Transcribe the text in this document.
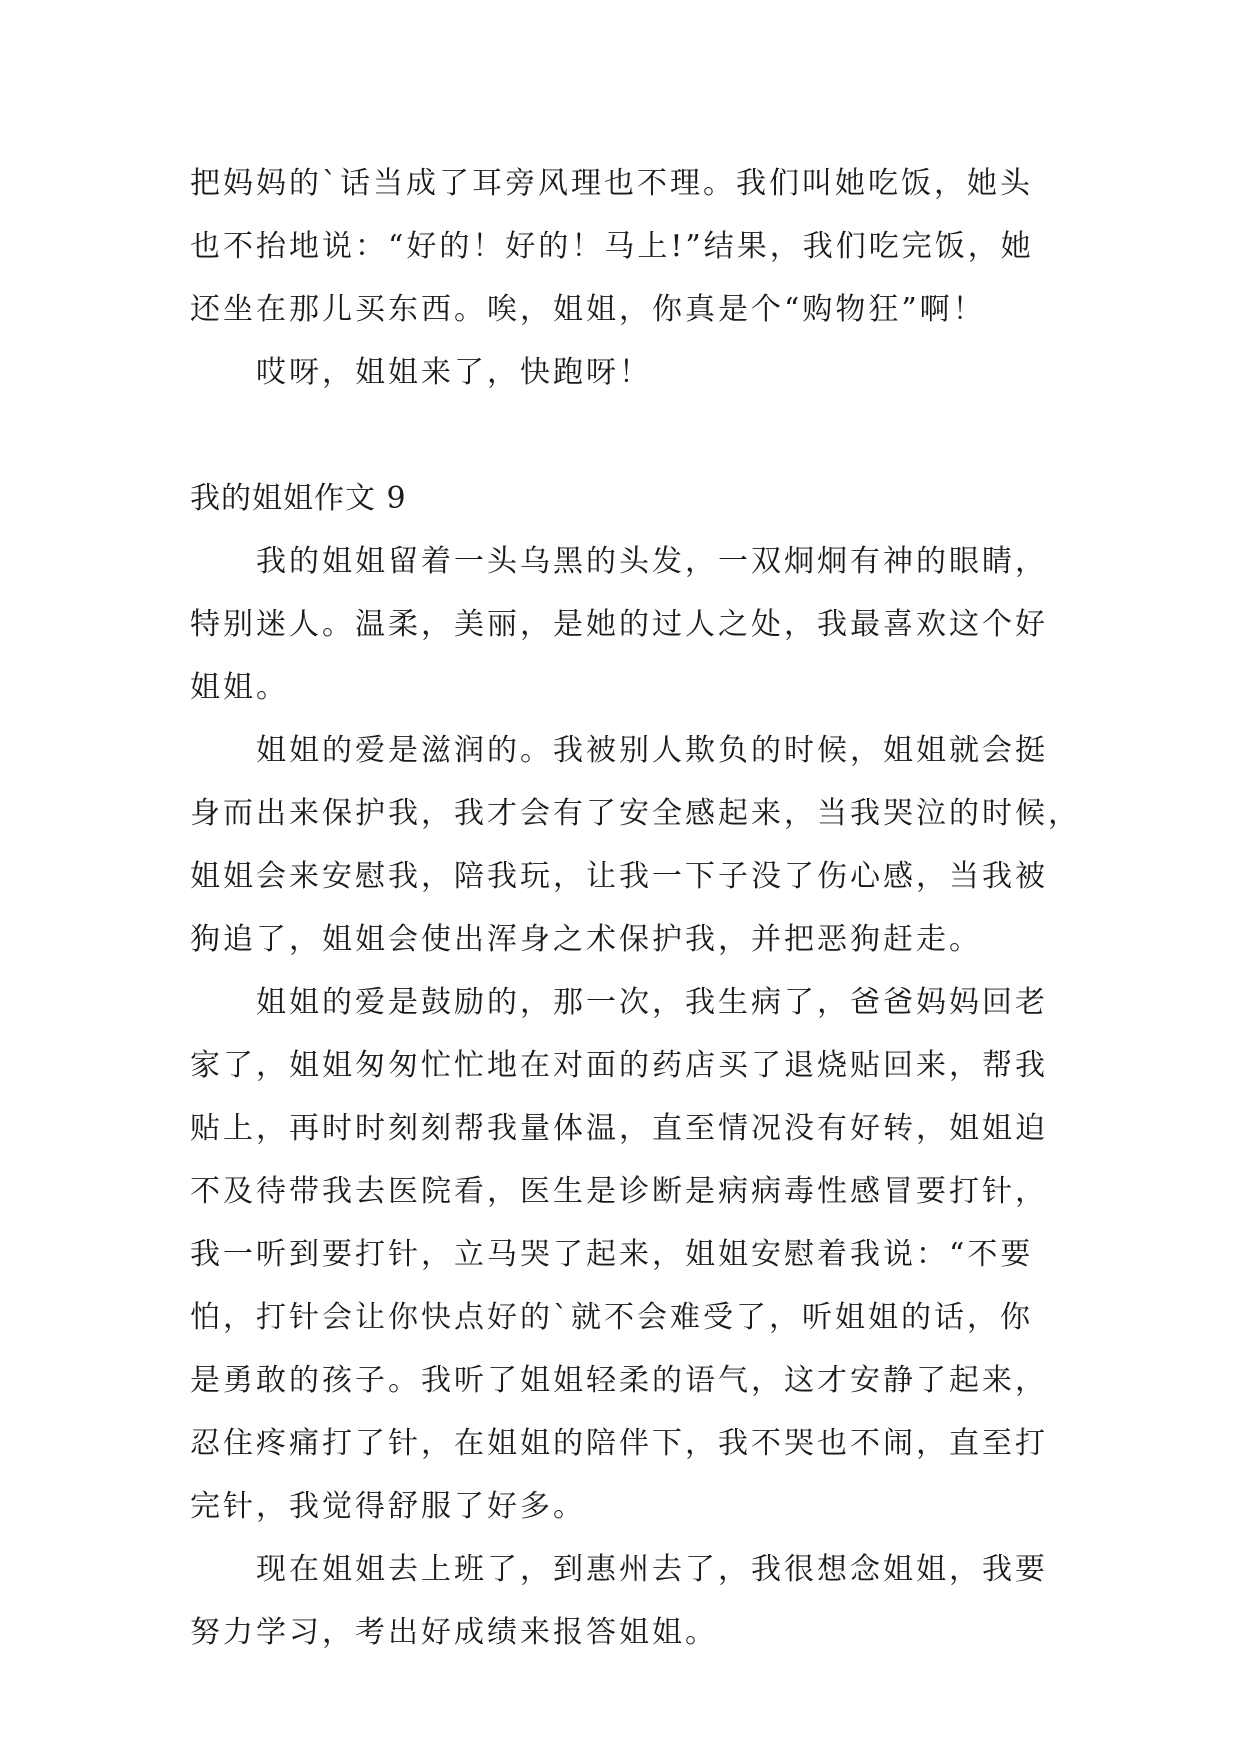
把妈妈的`话当成了耳旁风理也不理。我们叫她吃饭，她头
也不抬地说：“好的！好的！马上!”结果，我们吃完饭，她
还坐在那儿买东西。唉，姐姐，你真是个“购物狂”啊！
哎呀，姐姐来了，快跑呀！
我的姐姐作文 9
我的姐姐留着一头乌黑的头发，一双炯炯有神的眼睛，
特别迷人。温柔，美丽，是她的过人之处，我最喜欢这个好
姐姐。
姐姐的爱是滋润的。我被别人欺负的时候，姐姐就会挺
身而出来保护我，我才会有了安全感起来，当我哭泣的时候，
姐姐会来安慰我，陪我玩，让我一下子没了伤心感，当我被
狗追了，姐姐会使出浑身之术保护我，并把恶狗赶走。
姐姐的爱是鼓励的，那一次，我生病了，爸爸妈妈回老
家了，姐姐匆匆忙忙地在对面的药店买了退烧贴回来，帮我
贴上，再时时刻刻帮我量体温，直至情况没有好转，姐姐迫
不及待带我去医院看，医生是诊断是病病毒性感冒要打针，
我一听到要打针，立马哭了起来，姐姐安慰着我说：“不要
怕，打针会让你快点好的`就不会难受了，听姐姐的话，你
是勇敢的孩子。我听了姐姐轻柔的语气，这才安静了起来，
忍住疼痛打了针，在姐姐的陪伴下，我不哭也不闹，直至打
完针，我觉得舒服了好多。
现在姐姐去上班了，到惠州去了，我很想念姐姐，我要
努力学习，考出好成绩来报答姐姐。
